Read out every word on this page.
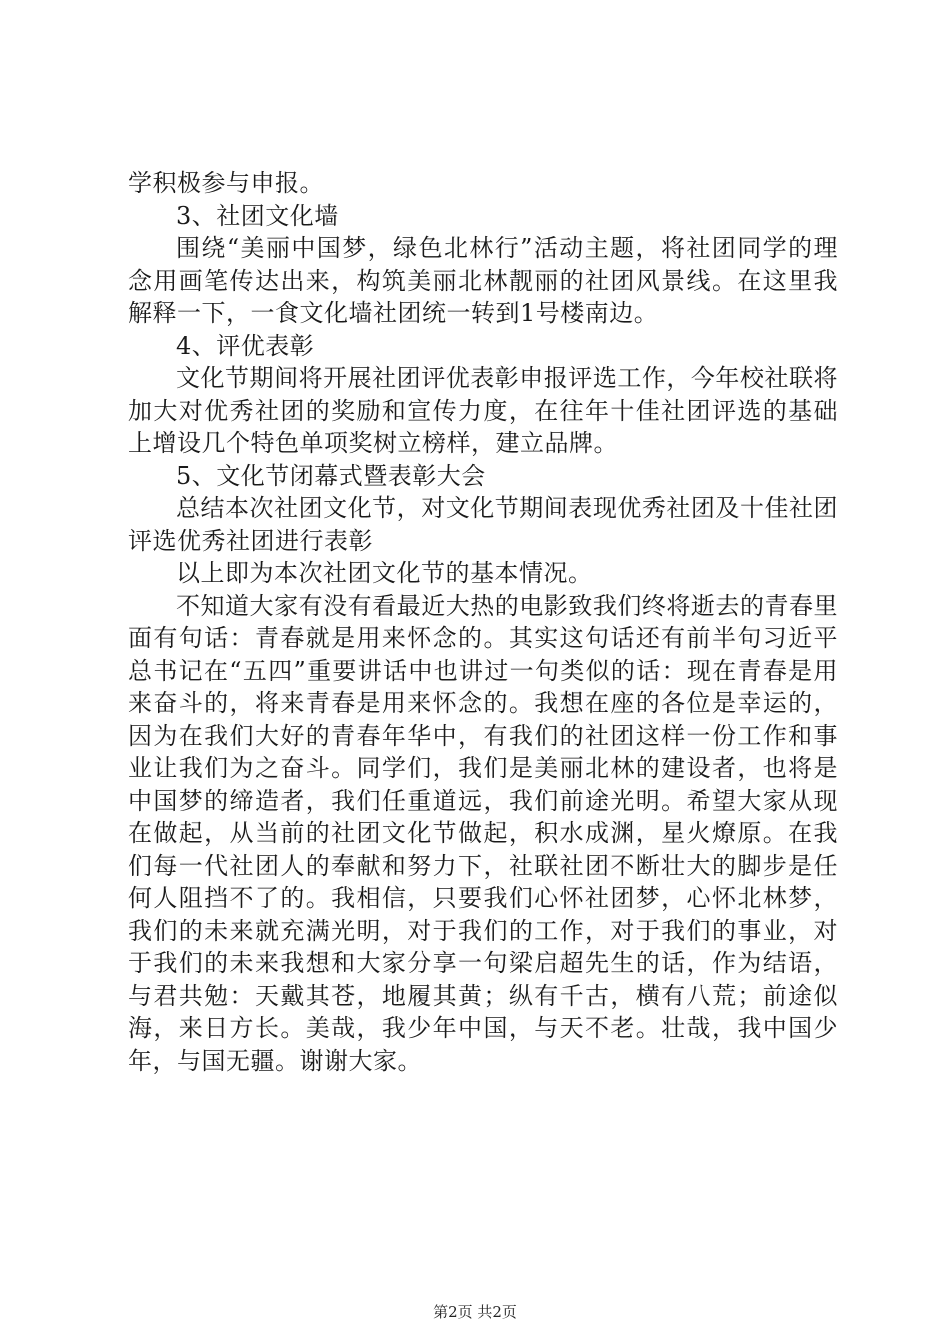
学积极参与申报。

3、社团文化墙

围绕“美丽中国梦，绿色北林行”活动主题，将社团同学的理念用画笔传达出来，构筑美丽北林靓丽的社团风景线。在这里我解释一下，一食文化墙社团统一转到1号楼南边。

4、评优表彰

文化节期间将开展社团评优表彰申报评选工作，今年校社联将加大对优秀社团的奖励和宣传力度，在往年十佳社团评选的基础上增设几个特色单项奖树立榜样，建立品牌。

5、文化节闭幕式暨表彰大会

总结本次社团文化节，对文化节期间表现优秀社团及十佳社团评选优秀社团进行表彰

以上即为本次社团文化节的基本情况。

不知道大家有没有看最近大热的电影致我们终将逝去的青春里面有句话：青春就是用来怀念的。其实这句话还有前半句习近平总书记在“五四”重要讲话中也讲过一句类似的话：现在青春是用来奋斗的，将来青春是用来怀念的。我想在座的各位是幸运的，因为在我们大好的青春年华中，有我们的社团这样一份工作和事业让我们为之奋斗。同学们，我们是美丽北林的建设者，也将是中国梦的缔造者，我们任重道远，我们前途光明。希望大家从现在做起，从当前的社团文化节做起，积水成渊，星火燎原。在我们每一代社团人的奉献和努力下，社联社团不断壮大的脚步是任何人阻挡不了的。我相信，只要我们心怀社团梦，心怀北林梦，我们的未来就充满光明，对于我们的工作，对于我们的事业，对于我们的未来我想和大家分享一句梁启超先生的话，作为结语，与君共勉：天戴其苍，地履其黄；纵有千古，横有八荒；前途似海，来日方长。美哉，我少年中国，与天不老。壮哉，我中国少年，与国无疆。谢谢大家。

第2页 共2页
